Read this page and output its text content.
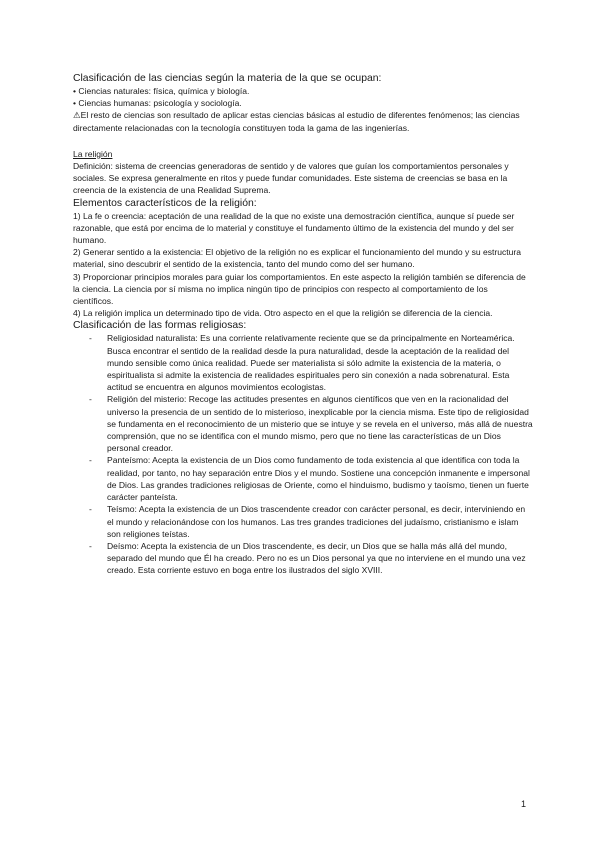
Clasificación de las ciencias según la materia de la que se ocupan:

• Ciencias naturales: física, química y biología.

• Ciencias humanas: psicología y sociología.

⚠El resto de ciencias son resultado de aplicar estas ciencias básicas al estudio de diferentes fenómenos; las ciencias directamente relacionadas con la tecnología constituyen toda la gama de las ingenierías.

La religión

Definición: sistema de creencias generadoras de sentido y de valores que guían los comportamientos personales y sociales. Se expresa generalmente en ritos y puede fundar comunidades. Este sistema de creencias se basa en la creencia de la existencia de una Realidad Suprema.

Elementos característicos de la religión:

1) La fe o creencia: aceptación de una realidad de la que no existe una demostración científica, aunque sí puede ser razonable, que está por encima de lo material y constituye el fundamento último de la existencia del mundo y del ser humano.

2) Generar sentido a la existencia: El objetivo de la religión no es explicar el funcionamiento del mundo y su estructura material, sino descubrir el sentido de la existencia, tanto del mundo como del ser humano.

3) Proporcionar principios morales para guiar los comportamientos. En este aspecto la religión también se diferencia de la ciencia. La ciencia por sí misma no implica ningún tipo de principios con respecto al comportamiento de los científicos.

4) La religión implica un determinado tipo de vida. Otro aspecto en el que la religión se diferencia de la ciencia.

Clasificación de las formas religiosas:

- Religiosidad naturalista: Es una corriente relativamente reciente que se da principalmente en Norteamérica. Busca encontrar el sentido de la realidad desde la pura naturalidad, desde la aceptación de la realidad del mundo sensible como única realidad. Puede ser materialista si sólo admite la existencia de la materia, o espiritualista si admite la existencia de realidades espirituales pero sin conexión a nada sobrenatural. Esta actitud se encuentra en algunos movimientos ecologistas.

- Religión del misterio: Recoge las actitudes presentes en algunos científicos que ven en la racionalidad del universo la presencia de un sentido de lo misterioso, inexplicable por la ciencia misma. Este tipo de religiosidad se fundamenta en el reconocimiento de un misterio que se intuye y se revela en el universo, más allá de nuestra comprensión, que no se identifica con el mundo mismo, pero que no tiene las características de un Dios personal creador.

- Panteísmo: Acepta la existencia de un Dios como fundamento de toda existencia al que identifica con toda la realidad, por tanto, no hay separación entre Dios y el mundo. Sostiene una concepción inmanente e impersonal de Dios. Las grandes tradiciones religiosas de Oriente, como el hinduismo, budismo y taoísmo, tienen un fuerte carácter panteísta.

- Teísmo: Acepta la existencia de un Dios trascendente creador con carácter personal, es decir, interviniendo en el mundo y relacionándose con los humanos. Las tres grandes tradiciones del judaísmo, cristianismo e islam son religiones teístas.

- Deísmo: Acepta la existencia de un Dios trascendente, es decir, un Dios que se halla más allá del mundo, separado del mundo que Él ha creado. Pero no es un Dios personal ya que no interviene en el mundo una vez creado. Esta corriente estuvo en boga entre los ilustrados del siglo XVIII.

1
